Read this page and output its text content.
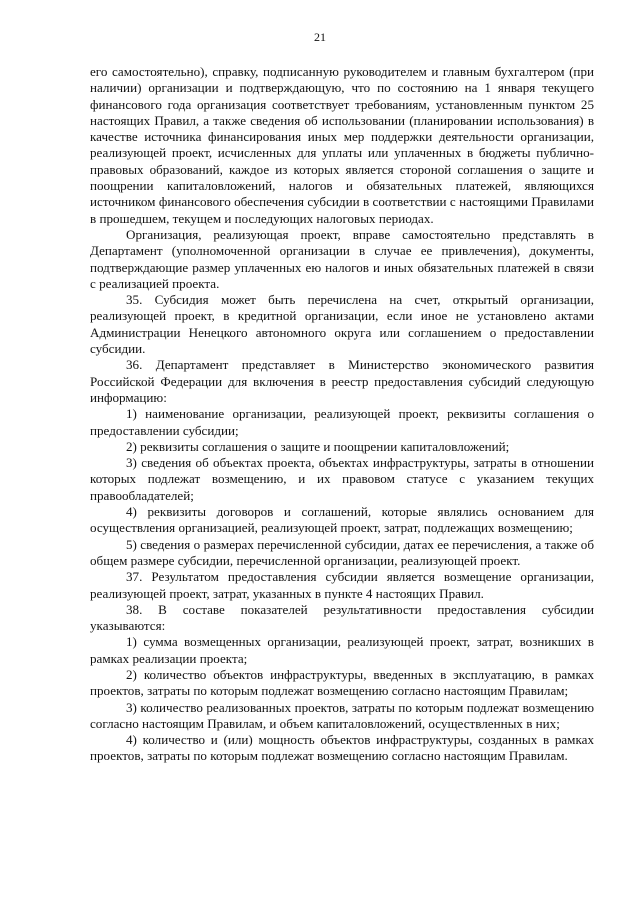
21

его самостоятельно), справку, подписанную руководителем и главным бухгалтером (при наличии) организации и подтверждающую, что по состоянию на 1 января текущего финансового года организация соответствует требованиям, установленным пунктом 25 настоящих Правил, а также сведения об использовании (планировании использования) в качестве источника финансирования иных мер поддержки деятельности организации, реализующей проект, исчисленных для уплаты или уплаченных в бюджеты публично-правовых образований, каждое из которых является стороной соглашения о защите и поощрении капиталовложений, налогов и обязательных платежей, являющихся источником финансового обеспечения субсидии в соответствии с настоящими Правилами в прошедшем, текущем и последующих налоговых периодах.

Организация, реализующая проект, вправе самостоятельно представлять в Департамент (уполномоченной организации в случае ее привлечения), документы, подтверждающие размер уплаченных ею налогов и иных обязательных платежей в связи с реализацией проекта.

35. Субсидия может быть перечислена на счет, открытый организации, реализующей проект, в кредитной организации, если иное не установлено актами Администрации Ненецкого автономного округа или соглашением о предоставлении субсидии.

36. Департамент представляет в Министерство экономического развития Российской Федерации для включения в реестр предоставления субсидий следующую информацию:

1) наименование организации, реализующей проект, реквизиты соглашения о предоставлении субсидии;

2) реквизиты соглашения о защите и поощрении капиталовложений;

3) сведения об объектах проекта, объектах инфраструктуры, затраты в отношении которых подлежат возмещению, и их правовом статусе с указанием текущих правообладателей;

4) реквизиты договоров и соглашений, которые являлись основанием для осуществления организацией, реализующей проект, затрат, подлежащих возмещению;

5) сведения о размерах перечисленной субсидии, датах ее перечисления, а также об общем размере субсидии, перечисленной организации, реализующей проект.

37. Результатом предоставления субсидии является возмещение организации, реализующей проект, затрат, указанных в пункте 4 настоящих Правил.

38. В составе показателей результативности предоставления субсидии указываются:

1) сумма возмещенных организации, реализующей проект, затрат, возникших в рамках реализации проекта;

2) количество объектов инфраструктуры, введенных в эксплуатацию, в рамках проектов, затраты по которым подлежат возмещению согласно настоящим Правилам;

3) количество реализованных проектов, затраты по которым подлежат возмещению согласно настоящим Правилам, и объем капиталовложений, осуществленных в них;

4) количество и (или) мощность объектов инфраструктуры, созданных в рамках проектов, затраты по которым подлежат возмещению согласно настоящим Правилам.
